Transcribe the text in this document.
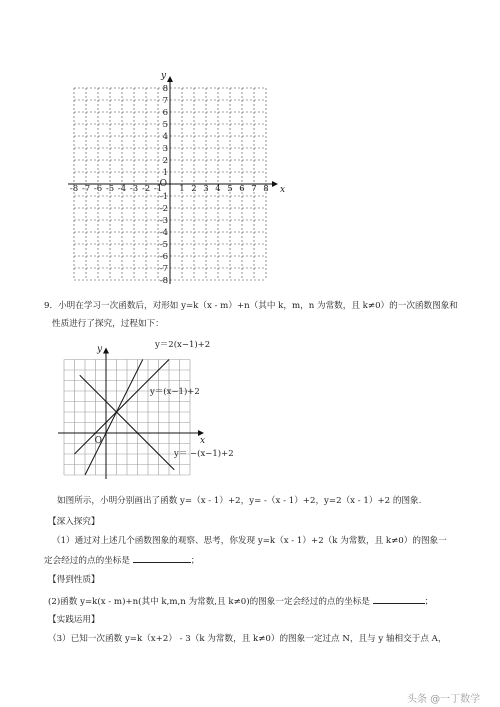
-8 -7 -6 -5 -4 -3 -2 -1 1 2 3 4 5 6 7 8
8
7
6
5
4
3
2
1
-1
-2
-3
-4
-5
-6
-7
-8
O
x
y
9．小明在学习一次函数后，对形如 y=k（x - m）+n（其中 k，m，n 为常数，且 k≠0）的一次函数图象和
性质进行了探究，过程如下：
y＝2(x−1)+2
y＝(x−1)+2
y＝ −(x−1)+2
O	x
y
如图所示，小明分别画出了函数 y=（x - 1）+2，y= -（x - 1）+2，y=2（x - 1）+2 的图象.
【深入探究】
（1）通过对上述几个函数图象的观察、思考，你发现 y=k（x - 1）+2（k 为常数，且 k≠0）的图象一
定会经过的点的坐标是	；
【得到性质】
(2)函数 y=k(x - m)+n(其中 k,m,n 为常数,且 k≠0)的图象一定会经过的点的坐标是	；
【实践运用】
（3）已知一次函数 y=k（x+2） - 3（k 为常数，且 k≠0）的图象一定过点 N，且与 y 轴相交于点 A，
头条 @一丁数学
